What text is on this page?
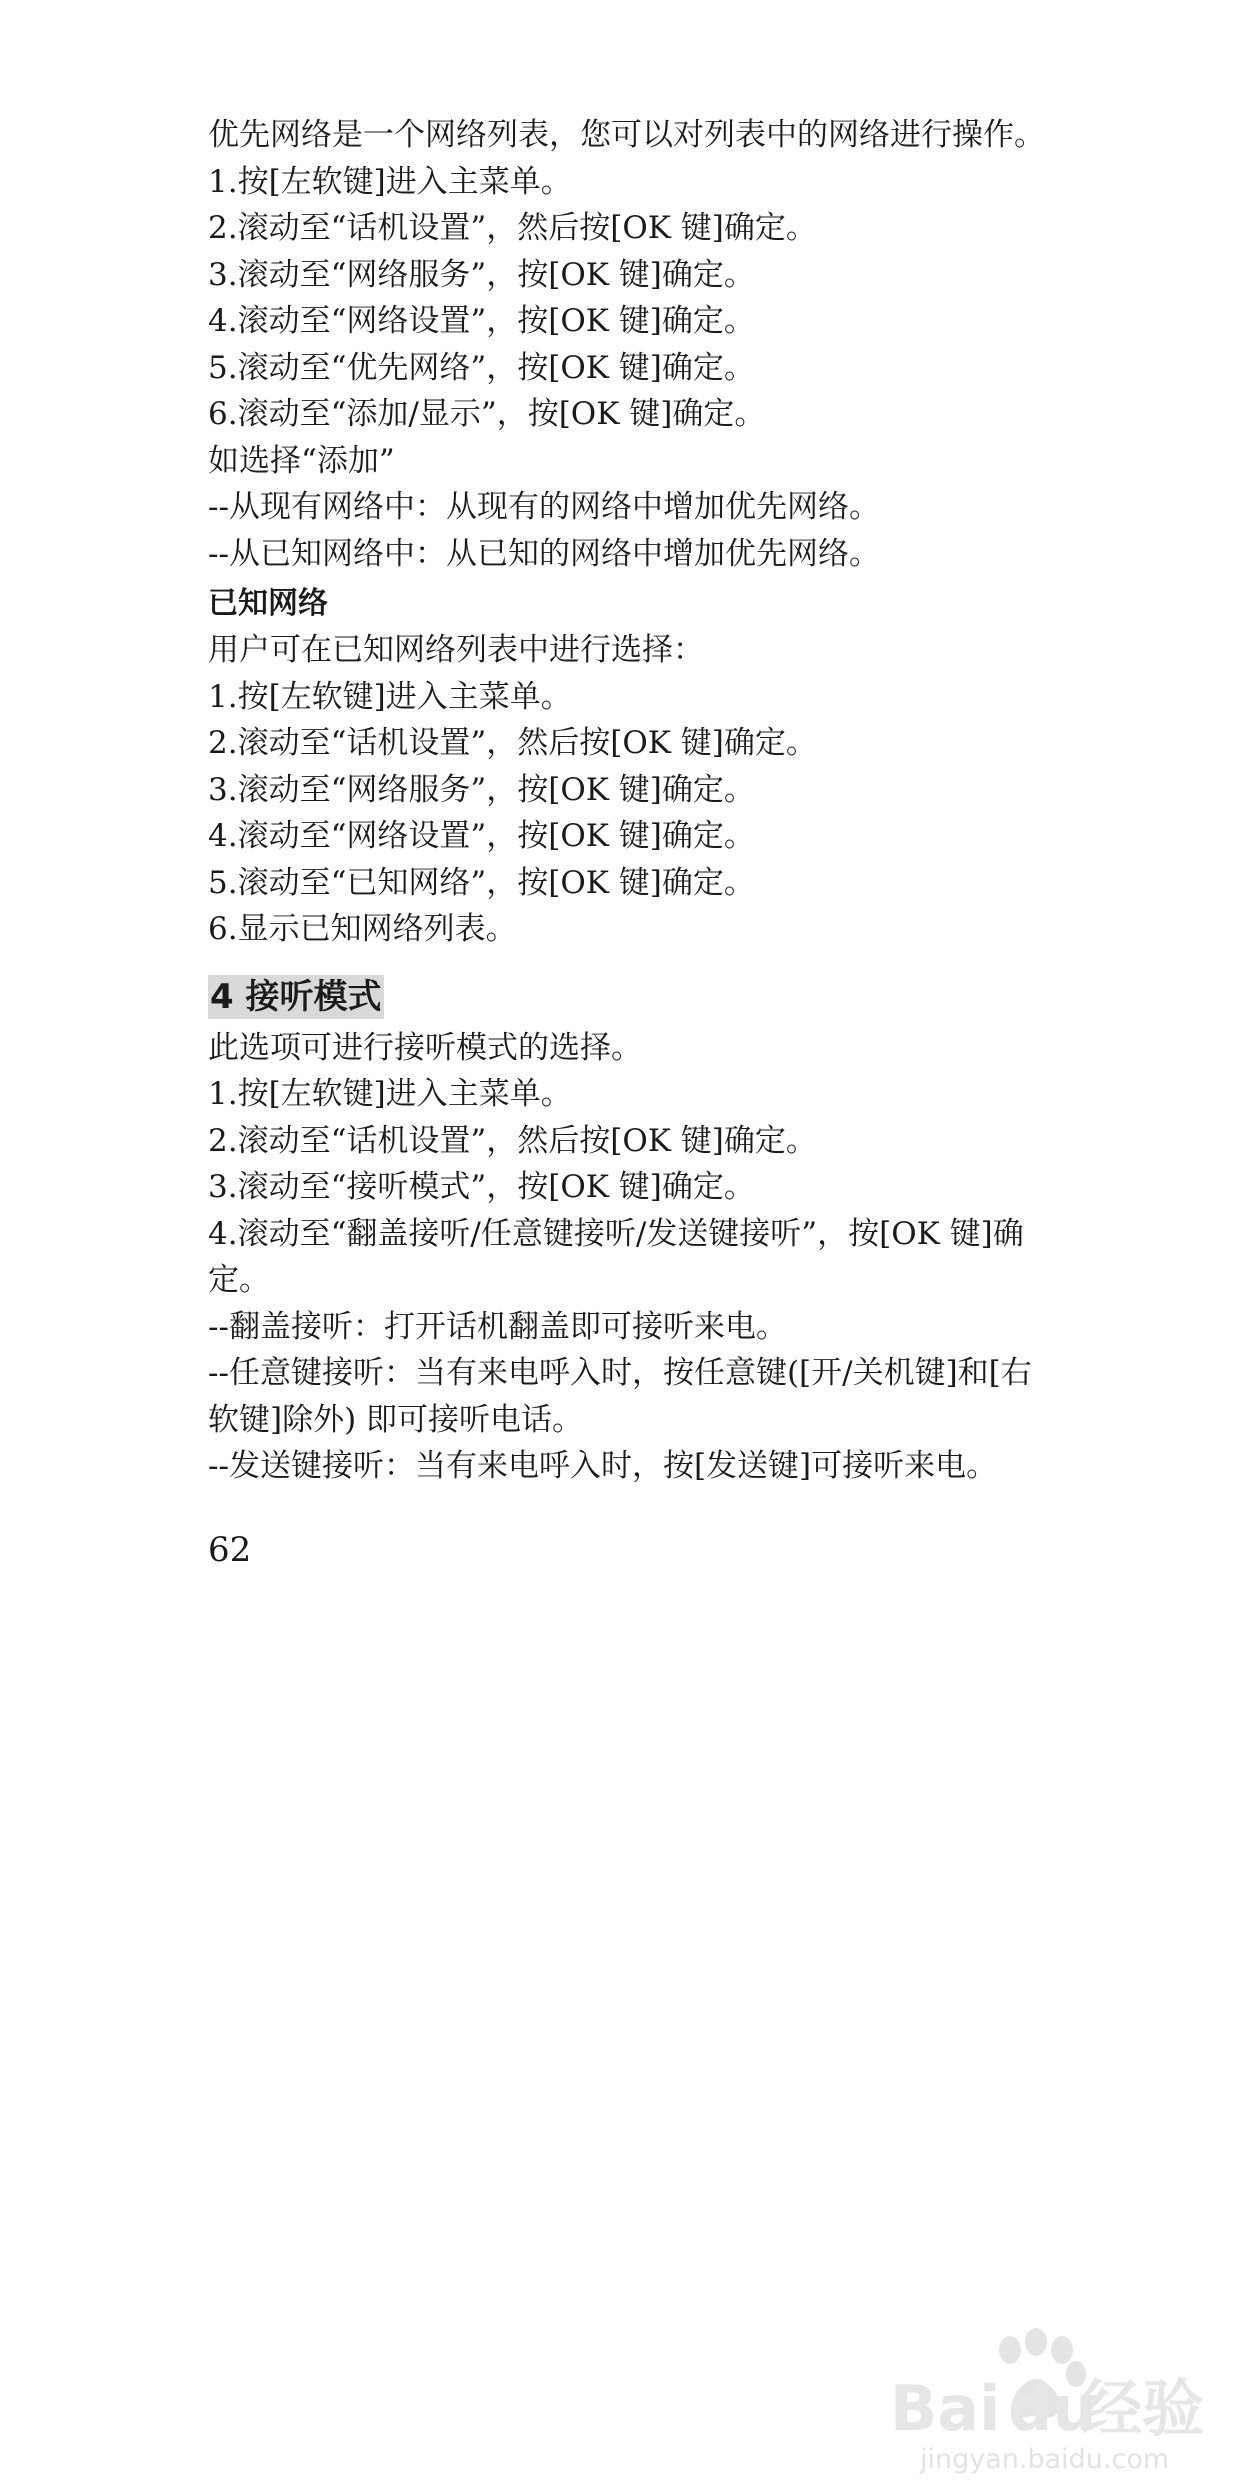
优先网络是一个网络列表，您可以对列表中的网络进行操作。
1.按[左软键]进入主菜单。
2.滚动至“话机设置”，然后按[OK 键]确定。
3.滚动至“网络服务”，按[OK 键]确定。
4.滚动至“网络设置”，按[OK 键]确定。
5.滚动至“优先网络”，按[OK 键]确定。
6.滚动至“添加/显示”，按[OK 键]确定。
如选择“添加”
--从现有网络中：从现有的网络中增加优先网络。
--从已知网络中：从已知的网络中增加优先网络。
已知网络
用户可在已知网络列表中进行选择：
1.按[左软键]进入主菜单。
2.滚动至“话机设置”，然后按[OK 键]确定。
3.滚动至“网络服务”，按[OK 键]确定。
4.滚动至“网络设置”，按[OK 键]确定。
5.滚动至“已知网络”，按[OK 键]确定。
6.显示已知网络列表。
4 接听模式
此选项可进行接听模式的选择。
1.按[左软键]进入主菜单。
2.滚动至“话机设置”，然后按[OK 键]确定。
3.滚动至“接听模式”，按[OK 键]确定。
4.滚动至“翻盖接听/任意键接听/发送键接听”，按[OK 键]确
定。
--翻盖接听：打开话机翻盖即可接听来电。
--任意键接听：当有来电呼入时，按任意键([开/关机键]和[右
软键]除外) 即可接听电话。
--发送键接听：当有来电呼入时，按[发送键]可接听来电。
62
Bai du
经验
jingyan.baidu.com
